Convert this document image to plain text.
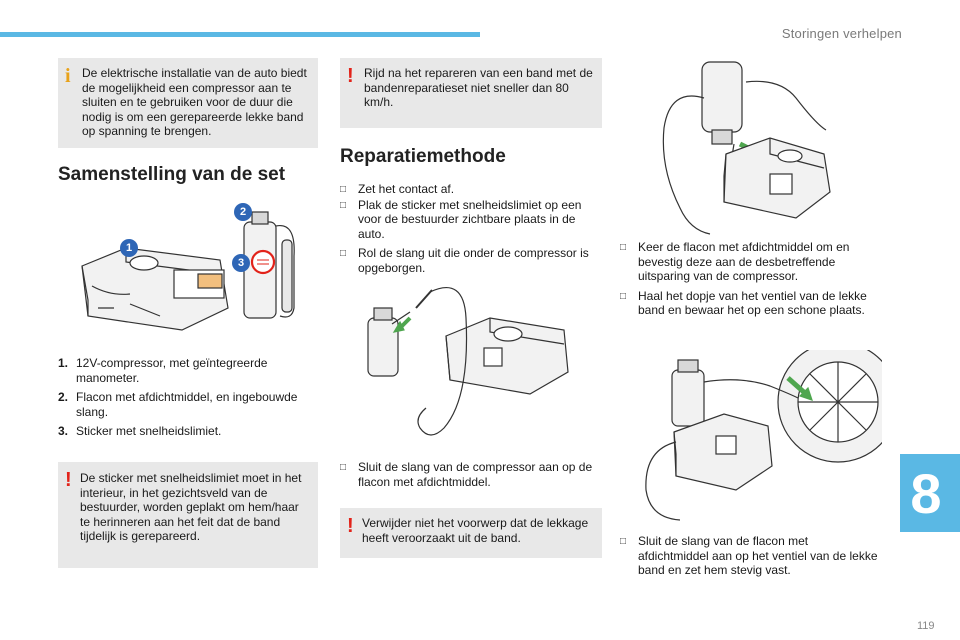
Storingen verhelpen
8
i De elektrische installatie van de auto biedt de mogelijkheid een compressor aan te sluiten en te gebruiken voor de duur die nodig is om een gerepareerde lekke band op spanning te brengen.

Samenstelling van de set
1
2
3
1. 12V-compressor, met geïntegreerde manometer.
2. Flacon met afdichtmiddel, en ingebouwde slang.
3. Sticker met snelheidslimiet.
! De sticker met snelheidslimiet moet in het interieur, in het gezichtsveld van de bestuurder, worden geplakt om hem/haar te herinneren aan het feit dat de band tijdelijk is gerepareerd.

! Rijd na het repareren van een band met de bandenreparatieset niet sneller dan 80 km/h.

Reparatiemethode
□ Zet het contact af.
□ Plak de sticker met snelheidslimiet op een voor de bestuurder zichtbare plaats in de auto.
□ Rol de slang uit die onder de compressor is opgeborgen.
□ Sluit de slang van de compressor aan op de flacon met afdichtmiddel.
! Verwijder niet het voorwerp dat de lekkage heeft veroorzaakt uit de band.

□ Keer de flacon met afdichtmiddel om en bevestig deze aan de desbetreffende uitsparing van de compressor.
□ Haal het dopje van het ventiel van de lekke band en bewaar het op een schone plaats.
□ Sluit de slang van de flacon met afdichtmiddel aan op het ventiel van de lekke band en zet hem stevig vast.
119
